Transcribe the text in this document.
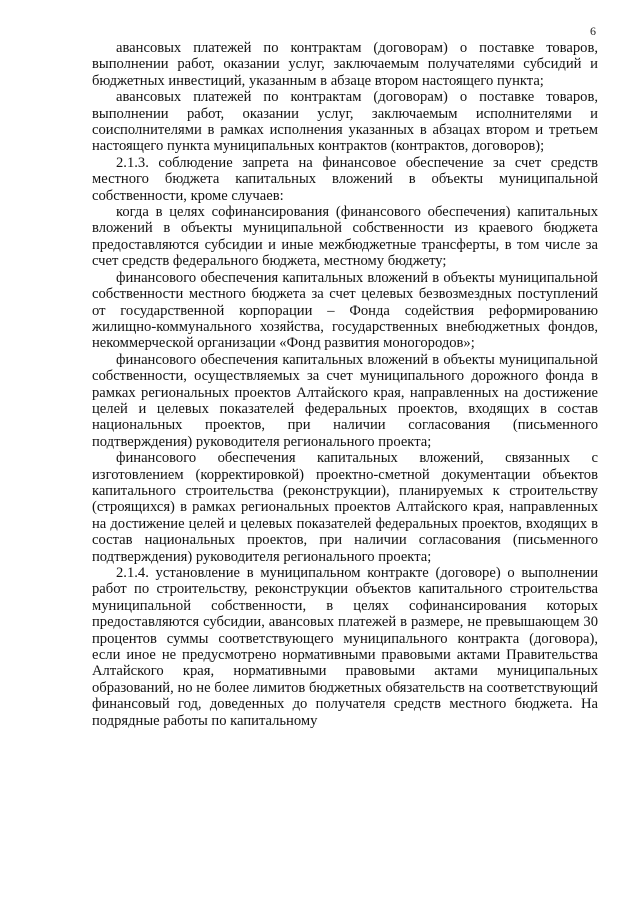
6

авансовых платежей по контрактам (договорам) о поставке товаров, выполнении работ, оказании услуг, заключаемым получателями субсидий и бюджетных инвестиций, указанным в абзаце втором настоящего пункта;

авансовых платежей по контрактам (договорам) о поставке товаров, выполнении работ, оказании услуг, заключаемым исполнителями и соисполнителями в рамках исполнения указанных в абзацах втором и третьем настоящего пункта муниципальных контрактов (контрактов, договоров);

2.1.3. соблюдение запрета на финансовое обеспечение за счет средств местного бюджета капитальных вложений в объекты муниципальной собственности, кроме случаев:

когда в целях софинансирования (финансового обеспечения) капитальных вложений в объекты муниципальной собственности из краевого бюджета предоставляются субсидии и иные межбюджетные трансферты, в том числе за счет средств федерального бюджета, местному бюджету;

финансового обеспечения капитальных вложений в объекты муниципальной собственности местного бюджета за счет целевых безвозмездных поступлений от государственной корпорации – Фонда содействия реформированию жилищно-коммунального хозяйства, государственных внебюджетных фондов, некоммерческой организации «Фонд развития моногородов»;

финансового обеспечения капитальных вложений в объекты муниципальной собственности, осуществляемых за счет муниципального дорожного фонда в рамках региональных проектов Алтайского края, направленных на достижение целей и целевых показателей федеральных проектов, входящих в состав национальных проектов, при наличии согласования (письменного подтверждения) руководителя регионального проекта;

финансового обеспечения капитальных вложений, связанных с изготовлением (корректировкой) проектно-сметной документации объектов капитального строительства (реконструкции), планируемых к строительству (строящихся) в рамках региональных проектов Алтайского края, направленных на достижение целей и целевых показателей федеральных проектов, входящих в состав национальных проектов, при наличии согласования (письменного подтверждения) руководителя регионального проекта;

2.1.4. установление в муниципальном контракте (договоре) о выполнении работ по строительству, реконструкции объектов капитального строительства муниципальной собственности, в целях софинансирования которых предоставляются субсидии, авансовых платежей в размере, не превышающем 30 процентов суммы соответствующего муниципального контракта (договора), если иное не предусмотрено нормативными правовыми актами Правительства Алтайского края, нормативными правовыми актами муниципальных образований, но не более лимитов бюджетных обязательств на соответствующий финансовый год, доведенных до получателя средств местного бюджета. На подрядные работы по капитальному
